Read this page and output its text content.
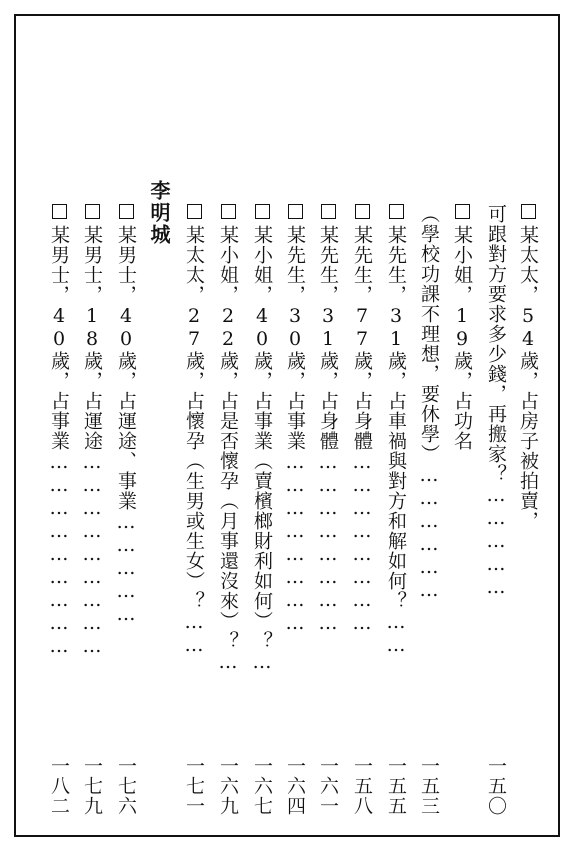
某太太，54歲，占房子被拍賣，
可跟對方要求多少錢，再搬家？……………
一五〇
某小姐，19歲，占功名
（學校功課不理想，要休學）………………
一五三
某先生，31歲，占車禍與對方和解如何？……
一五五
某先生，77歲，占身體……………………
一五八
某先生，31歲，占身體……………………
一六一
某先生，30歲，占事業……………………
一六四
某小姐，40歲，占事業（賣檳榔財利如何）？…
一六七
某小姐，22歲，占是否懷孕（月事還沒來）？…
一六九
某太太，27歲，占懷孕（生男或生女）？……
一七一
李明城
某男士，40歲，占運途、事業……………
一七六
某男士，18歲，占運途………………………
一七九
某男士，40歲，占事業………………………
一八二
